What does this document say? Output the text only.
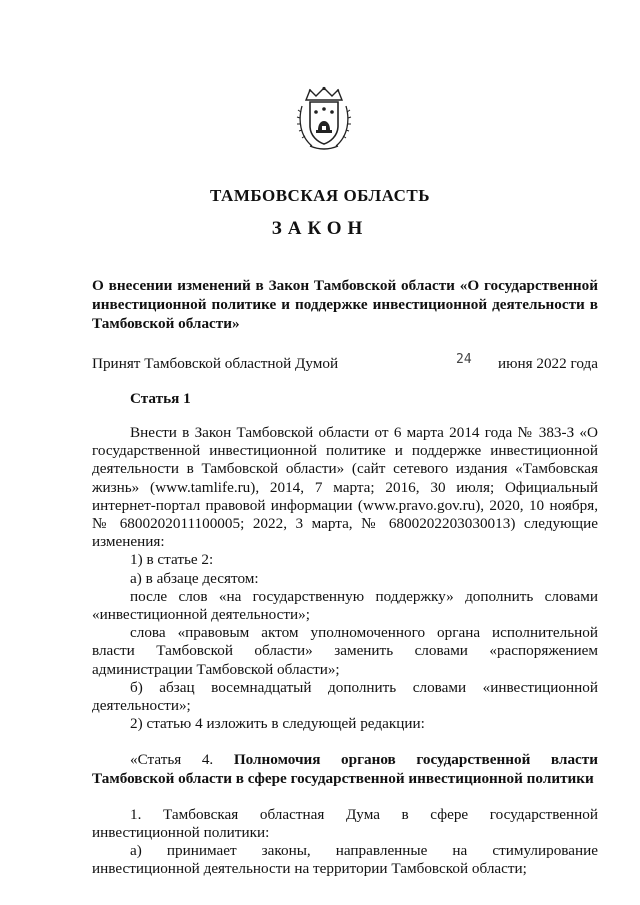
ТАМБОВСКАЯ ОБЛАСТЬ
ЗАКОН
О внесении изменений в Закон Тамбовской области «О государственной инвестиционной политике и поддержке инвестиционной деятельности в Тамбовской области»
Принят Тамбовской областной Думой	24 июня 2022 года
Статья 1

Внести в Закон Тамбовской области от 6 марта 2014 года № 383-З «О государственной инвестиционной политике и поддержке инвестиционной деятельности в Тамбовской области» (сайт сетевого издания «Тамбовская жизнь» (www.tamlife.ru), 2014, 7 марта; 2016, 30 июля; Официальный интернет-портал правовой информации (www.pravo.gov.ru), 2020, 10 ноября, № 6800202011100005; 2022, 3 марта, № 6800202203030013) следующие изменения:

1) в статье 2:

а) в абзаце десятом:

после слов «на государственную поддержку» дополнить словами «инвестиционной деятельности»;

слова «правовым актом уполномоченного органа исполнительной власти Тамбовской области» заменить словами «распоряжением администрации Тамбовской области»;

б) абзац восемнадцатый дополнить словами «инвестиционной деятельности»;

2) статью 4 изложить в следующей редакции:

«Статья 4. Полномочия органов государственной власти Тамбовской области в сфере государственной инвестиционной политики

1. Тамбовская областная Дума в сфере государственной инвестиционной политики:

а) принимает законы, направленные на стимулирование инвестиционной деятельности на территории Тамбовской области;
